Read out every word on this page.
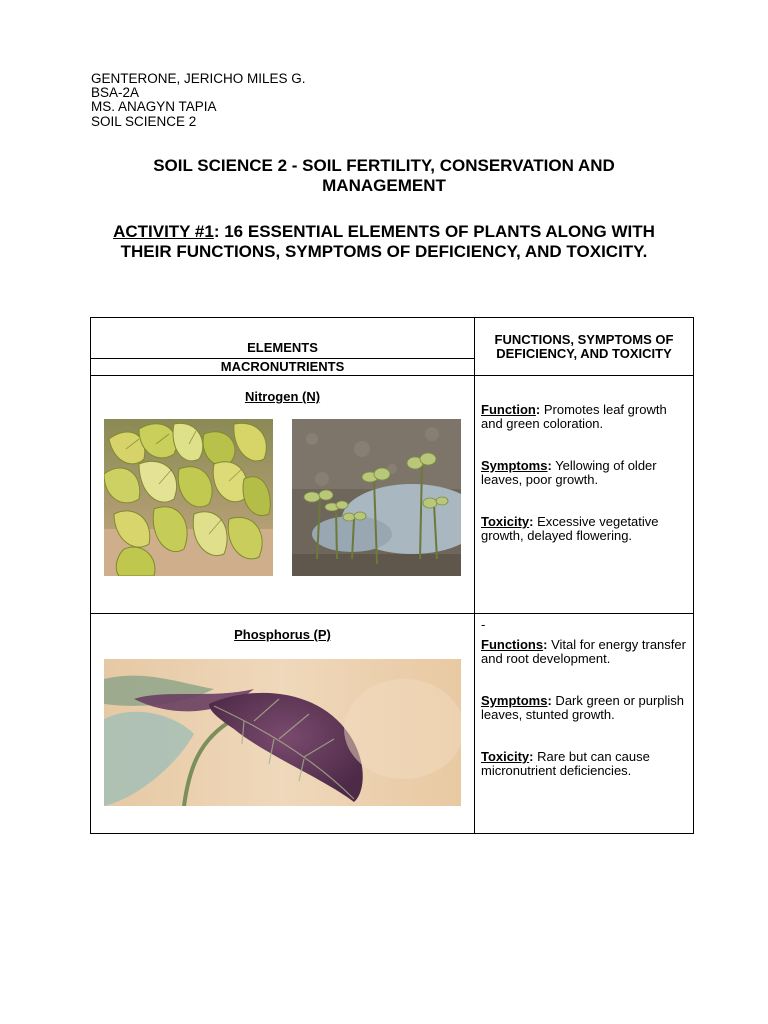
GENTERONE, JERICHO MILES G.
BSA-2A
MS. ANAGYN TAPIA
SOIL SCIENCE 2
SOIL SCIENCE 2 - SOIL FERTILITY, CONSERVATION AND MANAGEMENT
ACTIVITY #1: 16 ESSENTIAL ELEMENTS OF PLANTS ALONG WITH THEIR FUNCTIONS, SYMPTOMS OF DEFICIENCY, AND TOXICITY.
ELEMENTS	FUNCTIONS, SYMPTOMS OF DEFICIENCY, AND TOXICITY
MACRONUTRIENTS	

Nitrogen (N)	Function: Promotes leaf growth and green coloration.

Symptoms: Yellowing of older leaves, poor growth.

Toxicity: Excessive vegetative growth, delayed flowering.

Phosphorus (P)	-

Functions: Vital for energy transfer and root development.

Symptoms: Dark green or purplish leaves, stunted growth.

Toxicity: Rare but can cause micronutrient deficiencies.
